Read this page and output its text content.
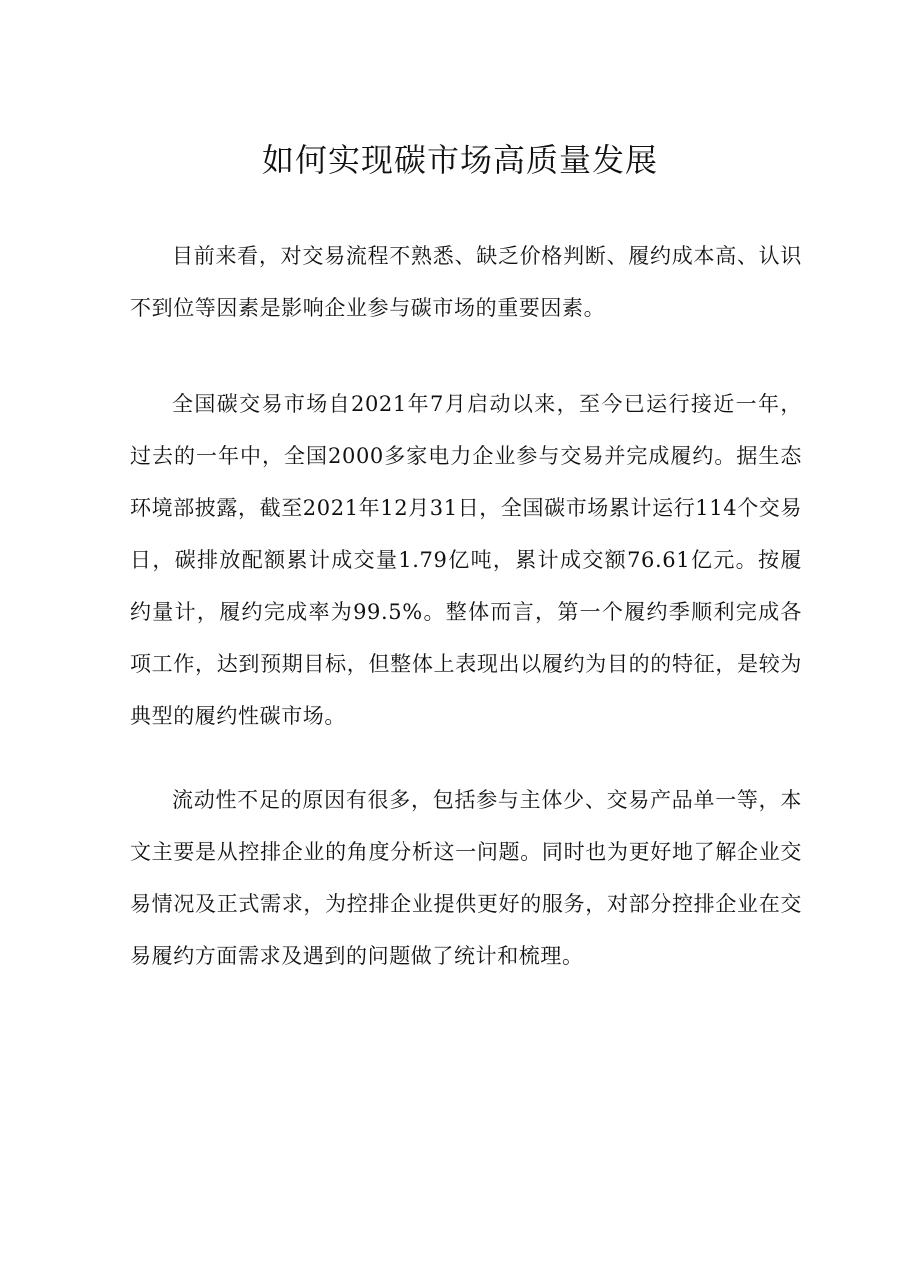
如何实现碳市场高质量发展

目前来看，对交易流程不熟悉、缺乏价格判断、履约成本高、认识不到位等因素是影响企业参与碳市场的重要因素。

全国碳交易市场自2021年7月启动以来，至今已运行接近一年，过去的一年中，全国2000多家电力企业参与交易并完成履约。据生态环境部披露，截至2021年12月31日，全国碳市场累计运行114个交易日，碳排放配额累计成交量1.79亿吨，累计成交额76.61亿元。按履约量计，履约完成率为99.5%。整体而言，第一个履约季顺利完成各项工作，达到预期目标，但整体上表现出以履约为目的的特征，是较为典型的履约性碳市场。

流动性不足的原因有很多，包括参与主体少、交易产品单一等，本文主要是从控排企业的角度分析这一问题。同时也为更好地了解企业交易情况及正式需求，为控排企业提供更好的服务，对部分控排企业在交易履约方面需求及遇到的问题做了统计和梳理。
